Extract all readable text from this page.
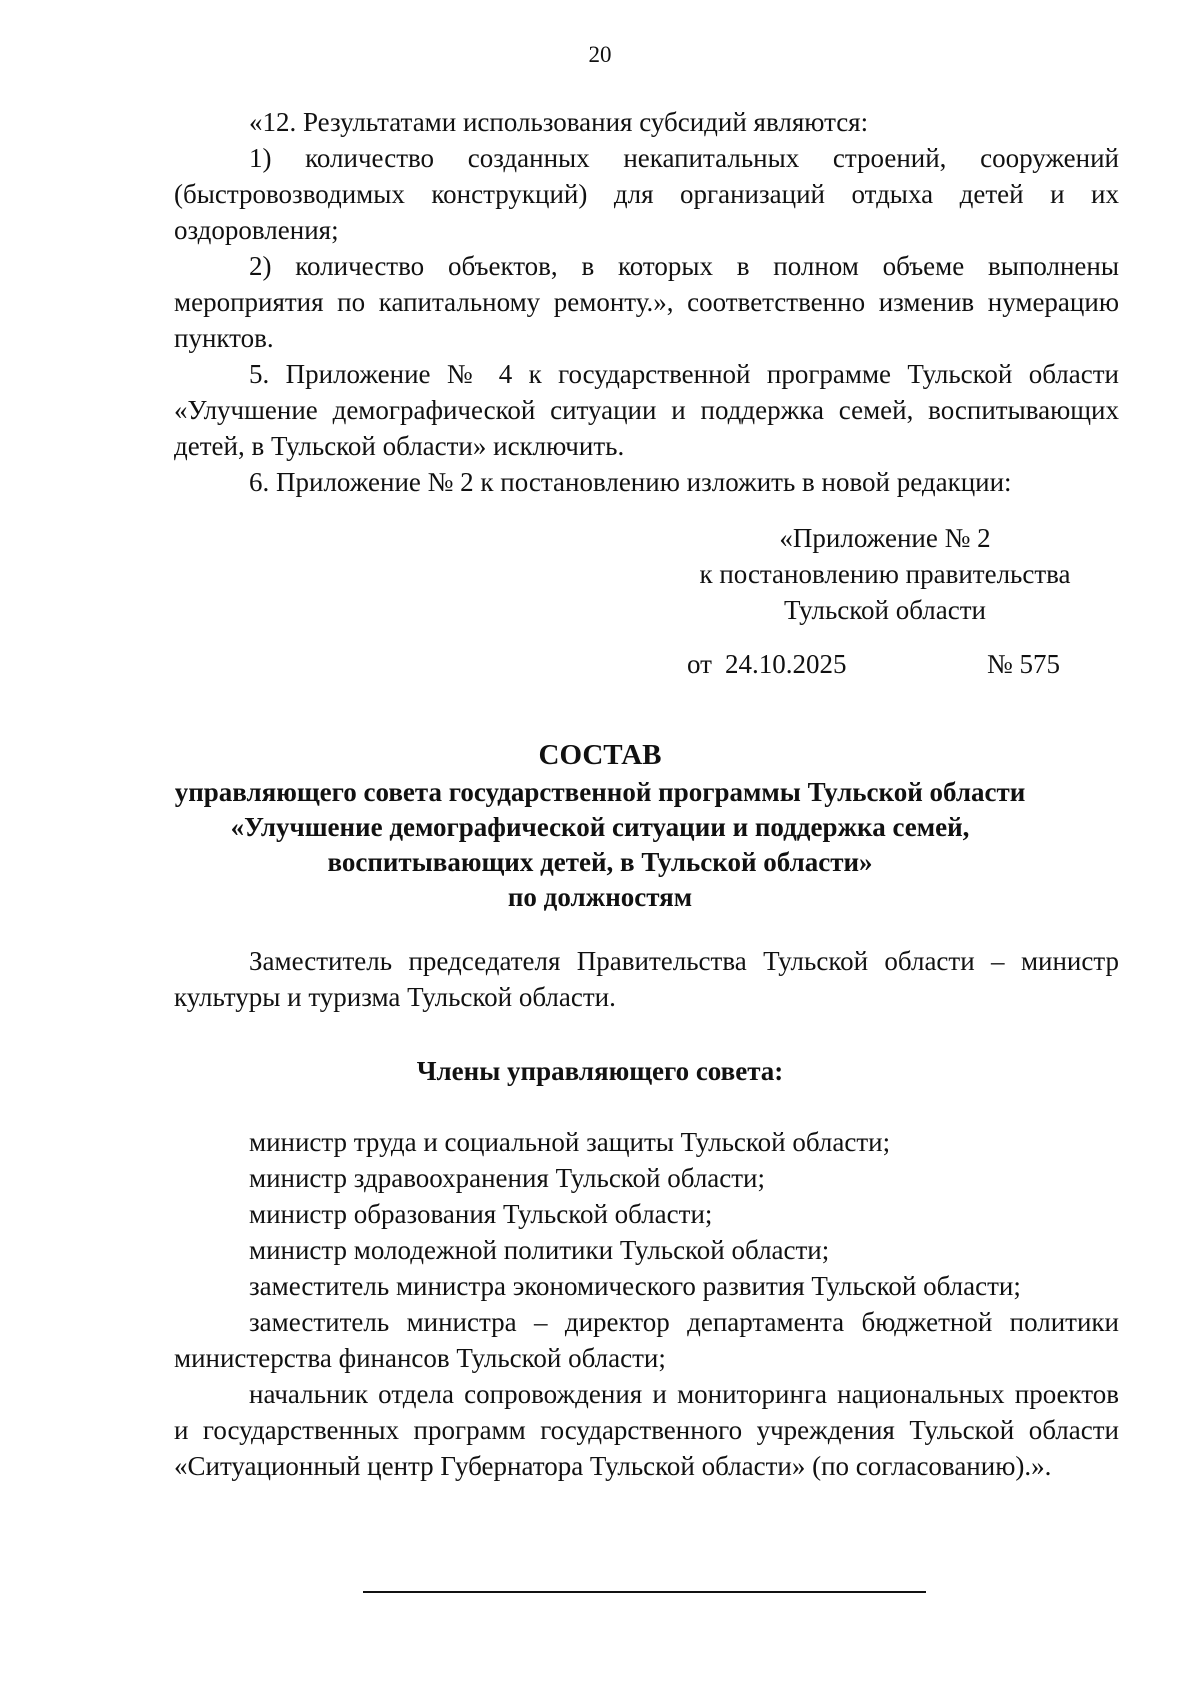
20

«12. Результатами использования субсидий являются:

1) количество созданных некапитальных строений, сооружений (быстровозводимых конструкций) для организаций отдыха детей и их оздоровления;

2) количество объектов, в которых в полном объеме выполнены мероприятия по капитальному ремонту.», соответственно изменив нумерацию пунктов.

5. Приложение № 4 к государственной программе Тульской области «Улучшение демографической ситуации и поддержка семей, воспитывающих детей, в Тульской области» исключить.

6. Приложение № 2 к постановлению изложить в новой редакции:

«Приложение № 2
к постановлению правительства
Тульской области
от 24.10.2025	№ 575
СОСТАВ
управляющего совета государственной программы Тульской области
«Улучшение демографической ситуации и поддержка семей,
воспитывающих детей, в Тульской области»
по должностям

Заместитель председателя Правительства Тульской области – министр культуры и туризма Тульской области.

Члены управляющего совета:

министр труда и социальной защиты Тульской области;

министр здравоохранения Тульской области;

министр образования Тульской области;

министр молодежной политики Тульской области;

заместитель министра экономического развития Тульской области;

заместитель министра – директор департамента бюджетной политики министерства финансов Тульской области;

начальник отдела сопровождения и мониторинга национальных проектов и государственных программ государственного учреждения Тульской области «Ситуационный центр Губернатора Тульской области» (по согласованию).».
